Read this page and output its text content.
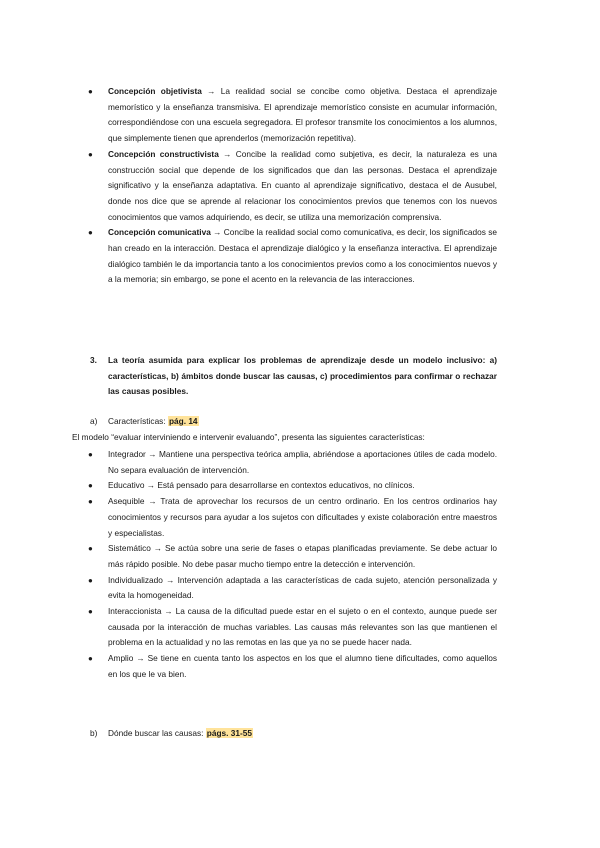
● Concepción objetivista → La realidad social se concibe como objetiva. Destaca el aprendizaje memorístico y la enseñanza transmisiva. El aprendizaje memorístico consiste en acumular información, correspondiéndose con una escuela segregadora. El profesor transmite los conocimientos a los alumnos, que simplemente tienen que aprenderlos (memorización repetitiva).
● Concepción constructivista → Concibe la realidad como subjetiva, es decir, la naturaleza es una construcción social que depende de los significados que dan las personas. Destaca el aprendizaje significativo y la enseñanza adaptativa. En cuanto al aprendizaje significativo, destaca el de Ausubel, donde nos dice que se aprende al relacionar los conocimientos previos que tenemos con los nuevos conocimientos que vamos adquiriendo, es decir, se utiliza una memorización comprensiva.
● Concepción comunicativa → Concibe la realidad social como comunicativa, es decir, los significados se han creado en la interacción. Destaca el aprendizaje dialógico y la enseñanza interactiva. El aprendizaje dialógico también le da importancia tanto a los conocimientos previos como a los conocimientos nuevos y a la memoria; sin embargo, se pone el acento en la relevancia de las interacciones.
3. La teoría asumida para explicar los problemas de aprendizaje desde un modelo inclusivo: a) características, b) ámbitos donde buscar las causas, c) procedimientos para confirmar o rechazar las causas posibles.
a) Características: pág. 14
El modelo “evaluar interviniendo e intervenir evaluando”, presenta las siguientes características:
● Integrador → Mantiene una perspectiva teórica amplia, abriéndose a aportaciones útiles de cada modelo. No separa evaluación de intervención.
● Educativo → Está pensado para desarrollarse en contextos educativos, no clínicos.
● Asequible → Trata de aprovechar los recursos de un centro ordinario. En los centros ordinarios hay conocimientos y recursos para ayudar a los sujetos con dificultades y existe colaboración entre maestros y especialistas.
● Sistemático → Se actúa sobre una serie de fases o etapas planificadas previamente. Se debe actuar lo más rápido posible. No debe pasar mucho tiempo entre la detección e intervención.
● Individualizado → Intervención adaptada a las características de cada sujeto, atención personalizada y evita la homogeneidad.
● Interaccionista → La causa de la dificultad puede estar en el sujeto o en el contexto, aunque puede ser causada por la interacción de muchas variables. Las causas más relevantes son las que mantienen el problema en la actualidad y no las remotas en las que ya no se puede hacer nada.
● Amplio → Se tiene en cuenta tanto los aspectos en los que el alumno tiene dificultades, como aquellos en los que le va bien.
b) Dónde buscar las causas: págs. 31-55
